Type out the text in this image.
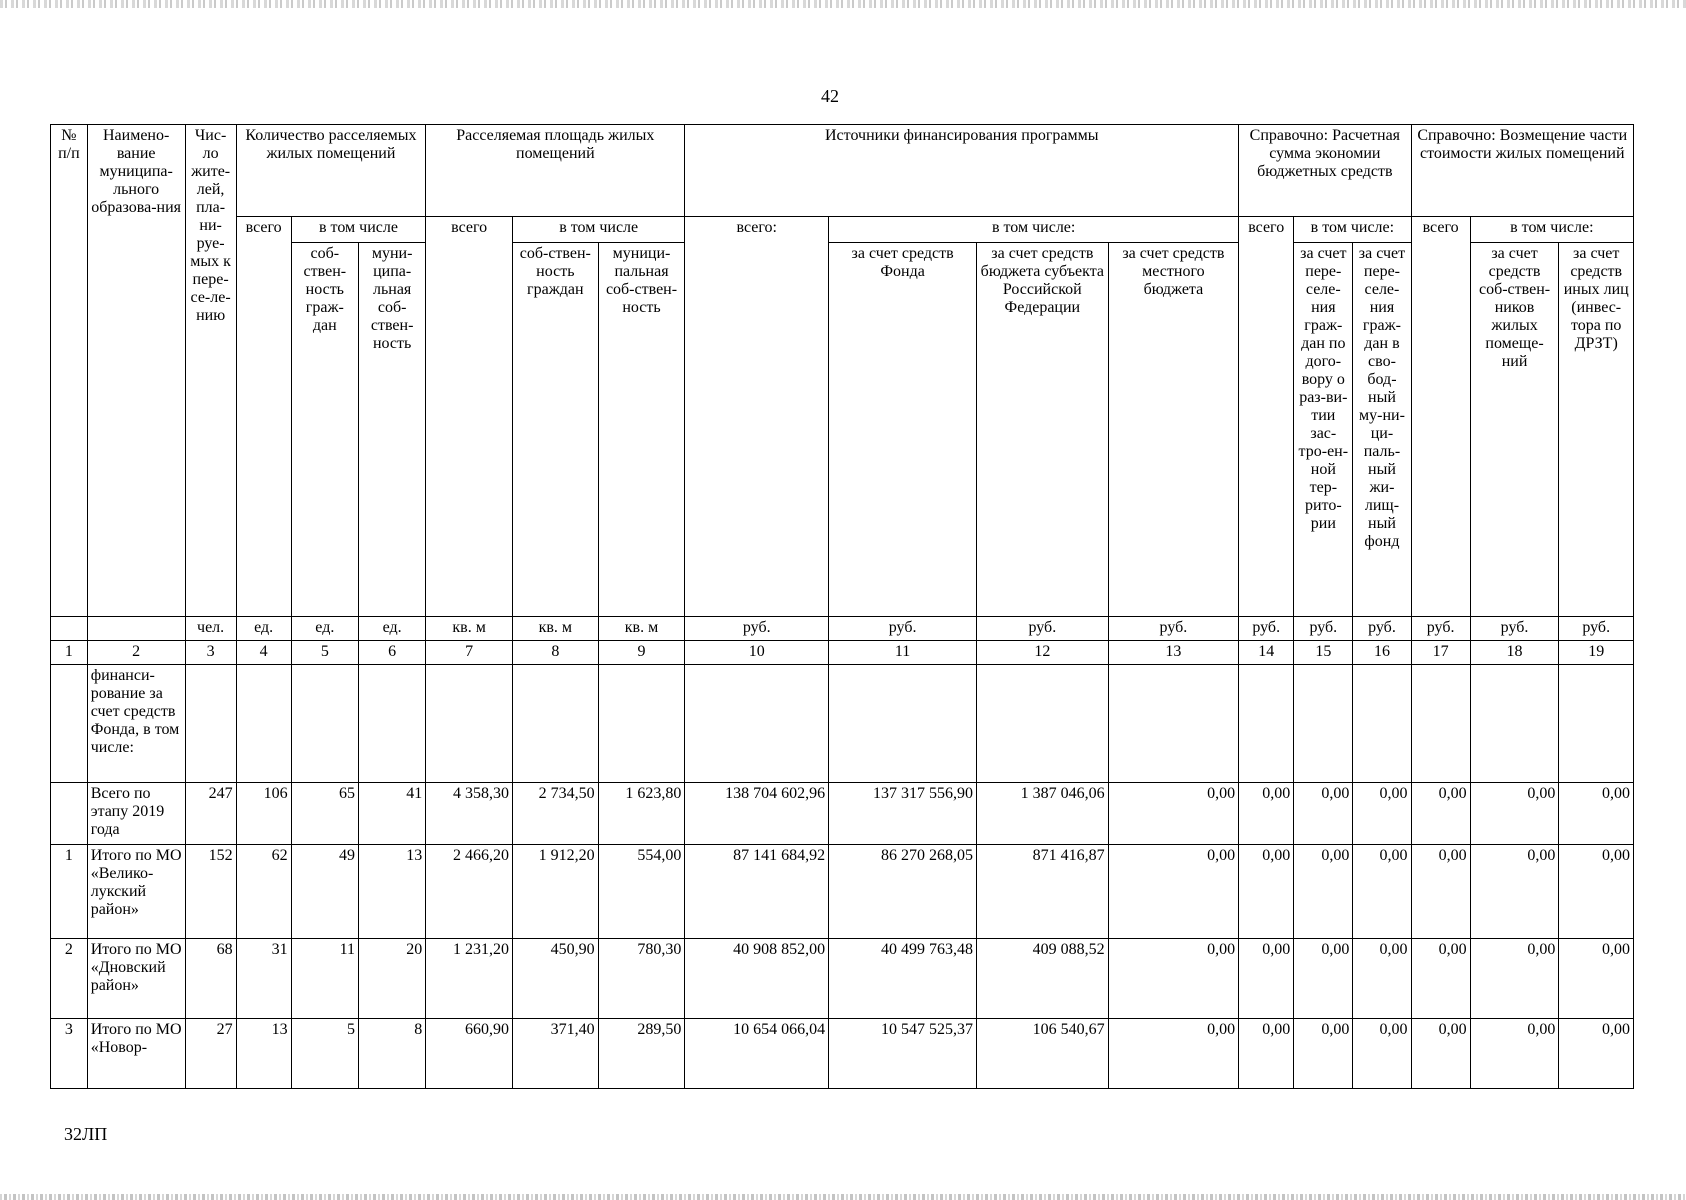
42
№ п/п	Наимено-вание муниципа-льного образова-ния	Чис-ло жите-лей, пла-ни-руе-мых к пере-се-ле-нию	Количество расселяемых жилых помещений			Расселяемая площадь жилых помещений			Источники финансирования программы				Справочно: Расчетная сумма экономии бюджетных средств			Справочно: Возмещение части стоимости жилых помещений		
			всего	в том числе		всего	в том числе		всего:	в том числе:			всего	в том числе:		всего	в том числе:	
				соб-ствен-ность граж-дан	муни-ципа-льная соб-ствен-ность		соб-ствен-ность граждан	муници-пальная соб-ствен-ность		за счет средств Фонда	за счет средств бюджета субъекта Российской Федерации	за счет средств местного бюджета		за счет пере-селе-ния граж-дан по дого-вору о раз-ви-тии зас-тро-ен-ной тер-рито-рии	за счет пере-селе-ния граж-дан в сво-бод-ный му-ни-ци-паль-ный жи-лищ-ный фонд		за счет средств соб-ствен-ников жилых помеще-ний	за счет средств иных лиц (инвес-тора по ДРЗТ)
		чел.	ед.	ед.	ед.	кв. м	кв. м	кв. м	руб.	руб.	руб.	руб.	руб.	руб.	руб.	руб.	руб.	руб.
1	2	3	4	5	6	7	8	9	10	11	12	13	14	15	16	17	18	19
	финанси-рование за счет средств Фонда, в том числе:																	
	Всего по этапу 2019 года	247	106	65	41	4 358,30	2 734,50	1 623,80	138 704 602,96	137 317 556,90	1 387 046,06	0,00	0,00	0,00	0,00	0,00	0,00	0,00
1	Итого по МО «Велико-лукский район»	152	62	49	13	2 466,20	1 912,20	554,00	87 141 684,92	86 270 268,05	871 416,87	0,00	0,00	0,00	0,00	0,00	0,00	0,00
2	Итого по МО «Дновский район»	68	31	11	20	1 231,20	450,90	780,30	40 908 852,00	40 499 763,48	409 088,52	0,00	0,00	0,00	0,00	0,00	0,00	0,00
3	Итого по МО «Новор-	27	13	5	8	660,90	371,40	289,50	10 654 066,04	10 547 525,37	106 540,67	0,00	0,00	0,00	0,00	0,00	0,00	0,00
32ЛП
